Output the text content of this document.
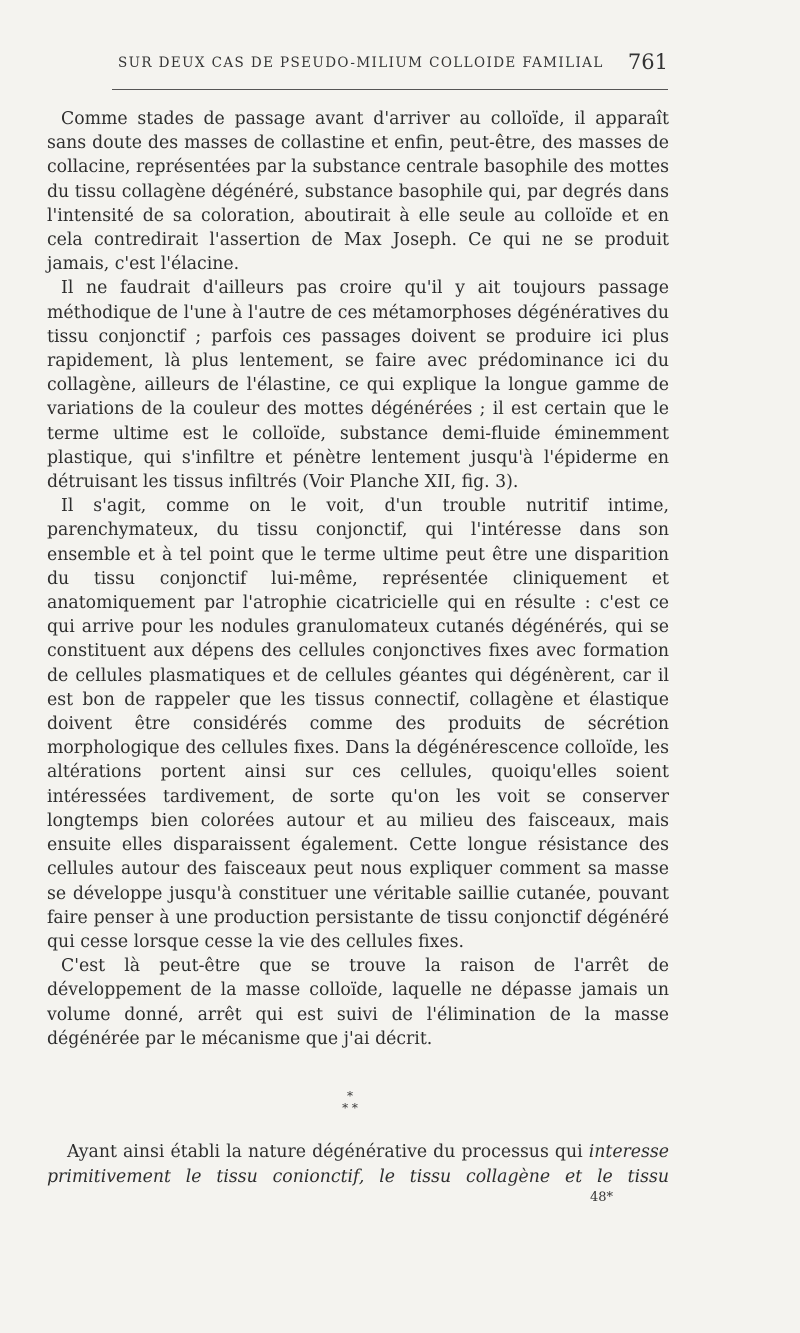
SUR DEUX CAS DE PSEUDO-MILIUM COLLOIDE FAMILIAL 761

Comme stades de passage avant d'arriver au colloïde, il apparaît sans doute des masses de collastine et enfin, peut-être, des masses de collacine, représentées par la substance centrale basophile des mottes du tissu collagène dégénéré, substance basophile qui, par degrés dans l'intensité de sa coloration, aboutirait à elle seule au colloïde et en cela contredirait l'assertion de Max Joseph. Ce qui ne se produit jamais, c'est l'élacine.

Il ne faudrait d'ailleurs pas croire qu'il y ait toujours passage méthodique de l'une à l'autre de ces métamorphoses dégénératives du tissu conjonctif ; parfois ces passages doivent se produire ici plus rapidement, là plus lentement, se faire avec prédominance ici du collagène, ailleurs de l'élastine, ce qui explique la longue gamme de variations de la couleur des mottes dégénérées ; il est certain que le terme ultime est le colloïde, substance demi-fluide éminemment plastique, qui s'infiltre et pénètre lentement jusqu'à l'épiderme en détruisant les tissus infiltrés (Voir Planche XII, fig. 3).

Il s'agit, comme on le voit, d'un trouble nutritif intime, parenchymateux, du tissu conjonctif, qui l'intéresse dans son ensemble et à tel point que le terme ultime peut être une disparition du tissu conjonctif lui-même, représentée cliniquement et anatomiquement par l'atrophie cicatricielle qui en résulte : c'est ce qui arrive pour les nodules granulomateux cutanés dégénérés, qui se constituent aux dépens des cellules conjonctives fixes avec formation de cellules plasmatiques et de cellules géantes qui dégénèrent, car il est bon de rappeler que les tissus connectif, collagène et élastique doivent être considérés comme des produits de sécrétion morphologique des cellules fixes. Dans la dégénérescence colloïde, les altérations portent ainsi sur ces cellules, quoiqu'elles soient intéressées tardivement, de sorte qu'on les voit se conserver longtemps bien colorées autour et au milieu des faisceaux, mais ensuite elles disparaissent également. Cette longue résistance des cellules autour des faisceaux peut nous expliquer comment sa masse se développe jusqu'à constituer une véritable saillie cutanée, pouvant faire penser à une production persistante de tissu conjonctif dégénéré qui cesse lorsque cesse la vie des cellules fixes.

C'est là peut-être que se trouve la raison de l'arrêt de développement de la masse colloïde, laquelle ne dépasse jamais un volume donné, arrêt qui est suivi de l'élimination de la masse dégénérée par le mécanisme que j'ai décrit.

*
* *
Ayant ainsi établi la nature dégénérative du processus qui interesse primitivement le tissu conionctif, le tissu collagène et le tissu
48*
